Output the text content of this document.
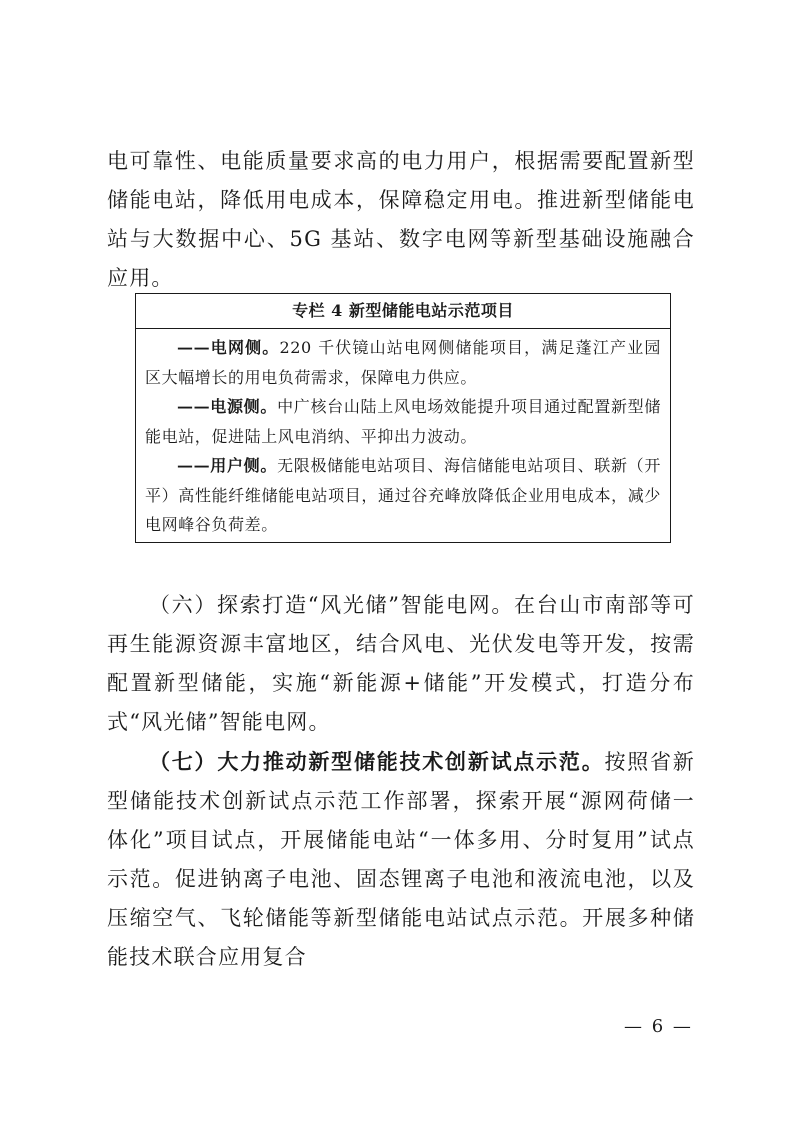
电可靠性、电能质量要求高的电力用户，根据需要配置新型储能电站，降低用电成本，保障稳定用电。推进新型储能电站与大数据中心、5G 基站、数字电网等新型基础设施融合应用。

专栏 4 新型储能电站示范项目

——电网侧。220 千伏镜山站电网侧储能项目，满足蓬江产业园区大幅增长的用电负荷需求，保障电力供应。

——电源侧。中广核台山陆上风电场效能提升项目通过配置新型储能电站，促进陆上风电消纳、平抑出力波动。

——用户侧。无限极储能电站项目、海信储能电站项目、联新（开平）高性能纤维储能电站项目，通过谷充峰放降低企业用电成本，减少电网峰谷负荷差。

（六）探索打造“风光储”智能电网。在台山市南部等可再生能源资源丰富地区，结合风电、光伏发电等开发，按需配置新型储能，实施“新能源+储能”开发模式，打造分布式“风光储”智能电网。

（七）大力推动新型储能技术创新试点示范。按照省新型储能技术创新试点示范工作部署，探索开展“源网荷储一体化”项目试点，开展储能电站“一体多用、分时复用”试点示范。促进钠离子电池、固态锂离子电池和液流电池，以及压缩空气、飞轮储能等新型储能电站试点示范。开展多种储能技术联合应用复合

— 6 —
